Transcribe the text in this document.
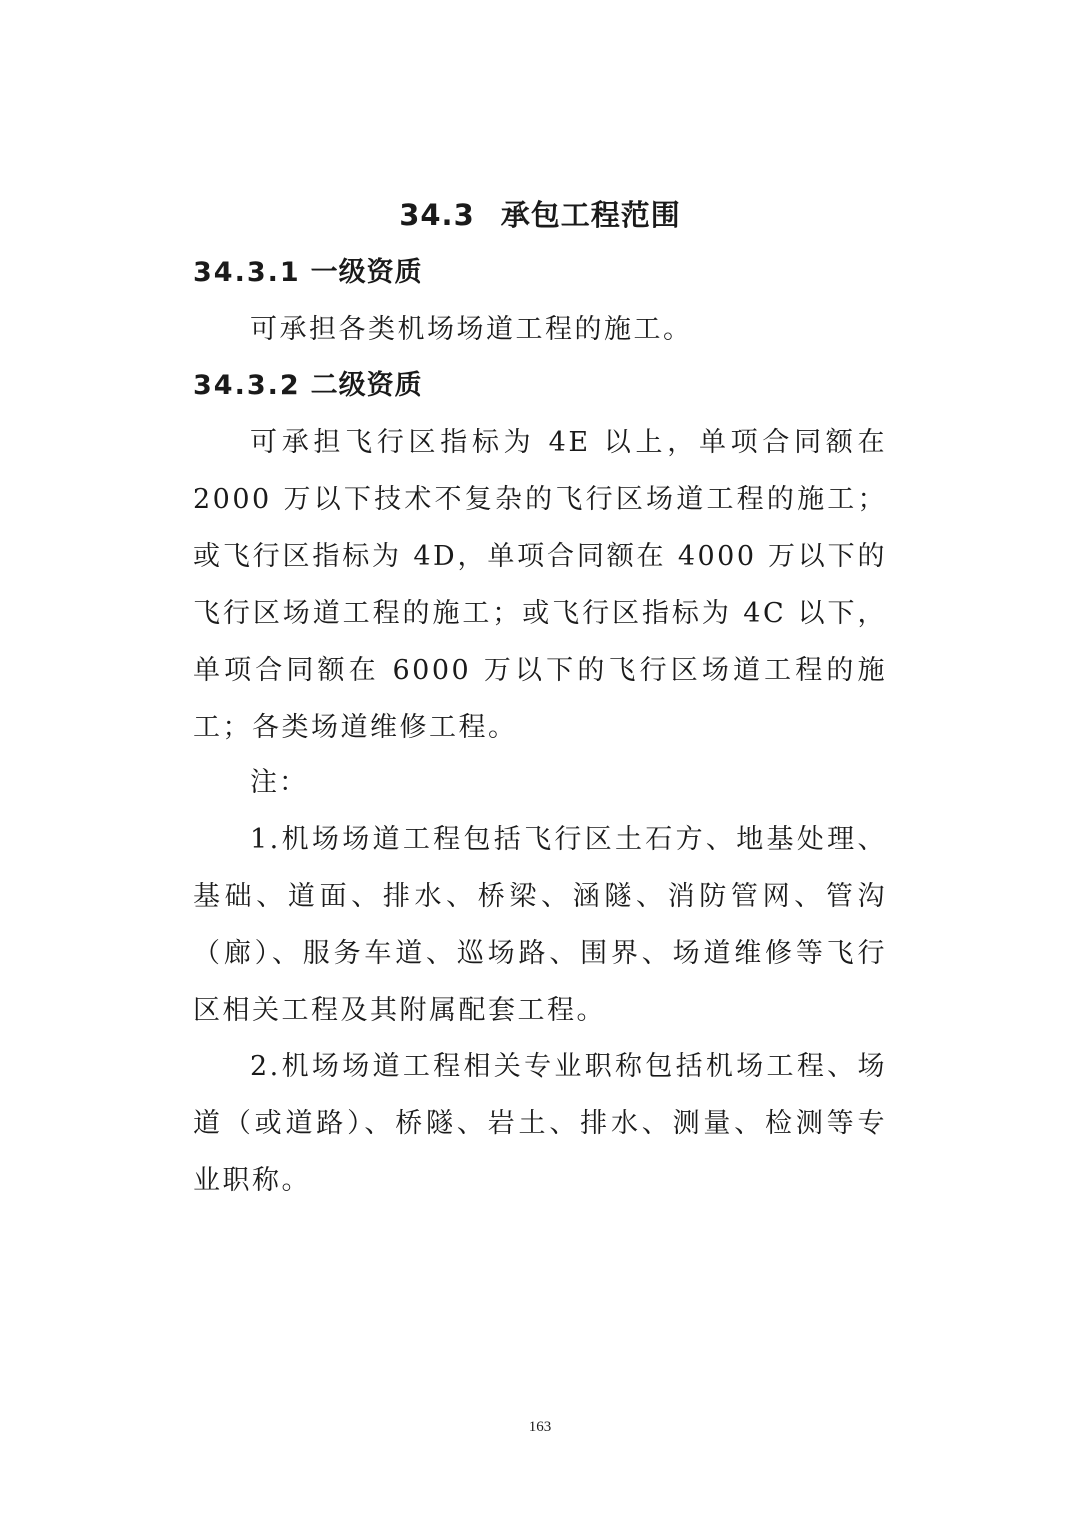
34.3 承包工程范围
34.3.1 一级资质
可承担各类机场场道工程的施工。
34.3.2 二级资质
可承担飞行区指标为 4E 以上，单项合同额在 2000 万以下技术不复杂的飞行区场道工程的施工；或飞行区指标为 4D，单项合同额在 4000 万以下的飞行区场道工程的施工；或飞行区指标为 4C 以下，单项合同额在 6000 万以下的飞行区场道工程的施工；各类场道维修工程。
注：
1.机场场道工程包括飞行区土石方、地基处理、基础、道面、排水、桥梁、涵隧、消防管网、管沟（廊）、服务车道、巡场路、围界、场道维修等飞行区相关工程及其附属配套工程。
2.机场场道工程相关专业职称包括机场工程、场道（或道路）、桥隧、岩土、排水、测量、检测等专业职称。
163
